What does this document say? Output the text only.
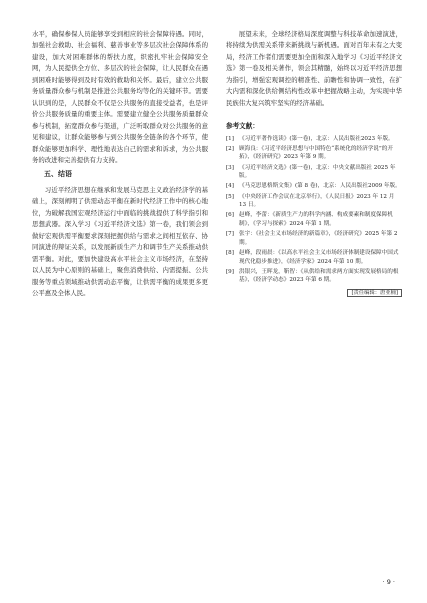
水平，确保参保人员能够享受到相应的社会保障待遇。同时，加强社会救助、社会福利、慈善事业等多层次社会保障体系的建设，加大对困难群体的帮扶力度，织密扎牢社会保障安全网，为人民提供全方位、多层次的社会保障，让人民群众在遇到困难时能够得到及时有效的救助和关怀。最后，建立公共服务质量群众参与机制是推进公共服务均等化的关键环节。需要认识到的是，人民群众不仅是公共服务的直接受益者，也是评价公共服务质量的重要主体。需要建立健全公共服务质量群众参与机制，拓宽群众参与渠道，广泛听取群众对公共服务的意见和建议，让群众能够参与到公共服务全链条的各个环节，使群众能够更加科学、理性地表达自己的需求和诉求，为公共服务的改进和完善提供有力支持。

五、结语

习近平经济思想在继承和发展马克思主义政治经济学的基础上，深刻阐明了供需动态平衡在新时代经济工作中的核心地位，为破解我国宏观经济运行中面临的挑战提供了科学指引和思想武器。深入学习《习近平经济文选》第一卷，我们领会到做好宏观供需平衡要求深刻把握供给与需求之间相互依存、协同演进的辩证关系，以发展新质生产力和调节生产关系推动供需平衡。对此，要加快建设高水平社会主义市场经济，在坚持以人民为中心原则的基础上，聚焦消费供给、内需提振、公共服务等重点领域推动供需动态平衡，让供需平衡的成果更多更公平惠及全体人民。

展望未来，全球经济格局深度调整与科技革命加速演进，将持续为供需关系带来新挑战与新机遇。面对百年未有之大变局，经济工作者们需要更加全面和深入地学习《习近平经济文选》第一卷及相关著作，领会其精髓，始终以习近平经济思想为指引，增强宏观调控的精准性、前瞻性和协调一致性，在扩大内需和深化供给侧结构性改革中把握战略主动，为实现中华民族伟大复兴筑牢坚实的经济基础。

参考文献：

[1] 《习近平著作选读》(第一卷)，北京：人民出版社2023 年版。
[2] 顾海良：《习近平经济思想与中国特色“系统化的经济学说”的开拓》，《经济研究》2023 年第 9 期。
[3] 《习近平经济文选》(第一卷)，北京：中央文献出版社 2025 年版。
[4] 《马克思恩格斯文集》(第 8 卷)，北京：人民出版社2009 年版。
[5] 《中央经济工作会议在北京举行》，《人民日报》2023 年 12 月 13 日。
[6] 赵峰，李蕾：《新质生产力的科学内涵、构成要素和制度保障机制》，《学习与探索》2024 年第 1 期。
[7] 张宇：《社会主义市场经济的新篇章》，《经济研究》2025 年第 2 期。
[8] 赵峰，段雨晨：《以高水平社会主义市场经济体制建设保障中国式现代化稳步推进》，《经济学家》2024 年第 10 期。
[9] 洪银兴，王晖龙，靳智：《从供给和需求两方面实现发展格局的根基》，《经济学动态》2023 年第 6 期。
[责任编辑：唐亚楠]
· 9 ·
